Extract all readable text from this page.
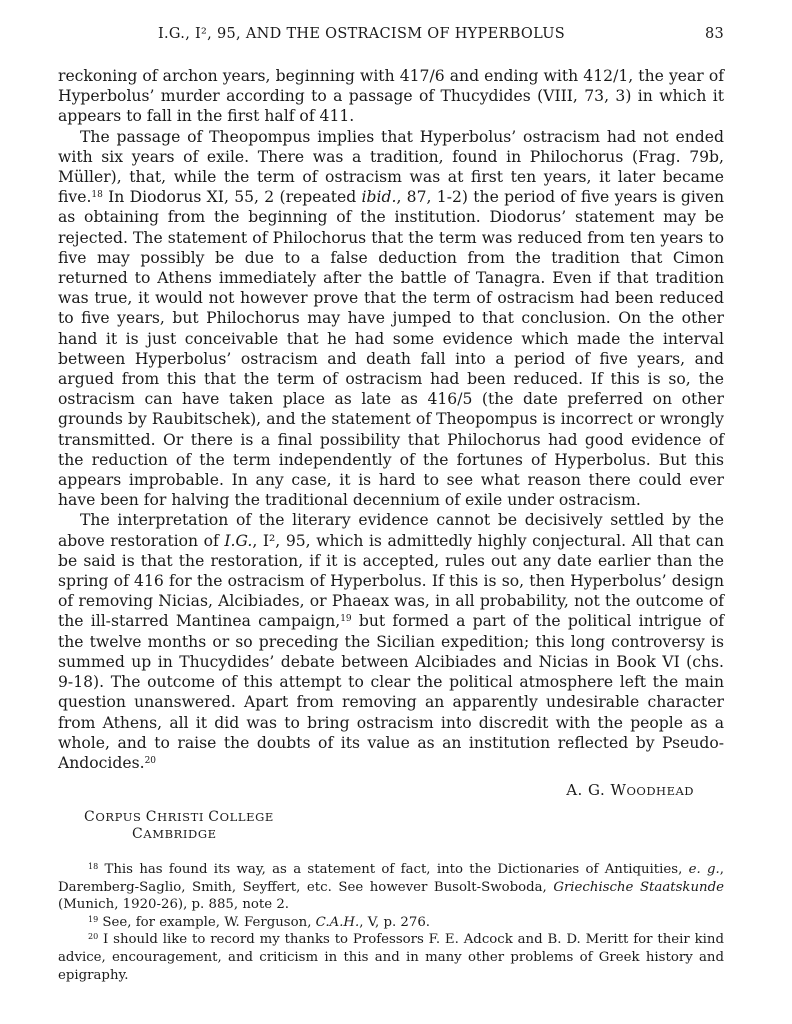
I.G., I², 95, AND THE OSTRACISM OF HYPERBOLUS	83

reckoning of archon years, beginning with 417/6 and ending with 412/1, the year of Hyperbolus’ murder according to a passage of Thucydides (VIII, 73, 3) in which it appears to fall in the first half of 411.

The passage of Theopompus implies that Hyperbolus’ ostracism had not ended with six years of exile. There was a tradition, found in Philochorus (Frag. 79b, Müller), that, while the term of ostracism was at first ten years, it later became five.$^{18}$ In Diodorus XI, 55, 2 (repeated ibid., 87, 1-2) the period of five years is given as obtaining from the beginning of the institution. Diodorus’ statement may be rejected. The statement of Philochorus that the term was reduced from ten years to five may possibly be due to a false deduction from the tradition that Cimon returned to Athens immediately after the battle of Tanagra. Even if that tradition was true, it would not however prove that the term of ostracism had been reduced to five years, but Philochorus may have jumped to that conclusion. On the other hand it is just conceivable that he had some evidence which made the interval between Hyperbolus’ ostracism and death fall into a period of five years, and argued from this that the term of ostracism had been reduced. If this is so, the ostracism can have taken place as late as 416/5 (the date preferred on other grounds by Raubitschek), and the statement of Theopompus is incorrect or wrongly transmitted. Or there is a final possibility that Philochorus had good evidence of the reduction of the term independently of the fortunes of Hyperbolus. But this appears improbable. In any case, it is hard to see what reason there could ever have been for halving the traditional decennium of exile under ostracism.

The interpretation of the literary evidence cannot be decisively settled by the above restoration of I.G., I², 95, which is admittedly highly conjectural. All that can be said is that the restoration, if it is accepted, rules out any date earlier than the spring of 416 for the ostracism of Hyperbolus. If this is so, then Hyperbolus’ design of removing Nicias, Alcibiades, or Phaeax was, in all probability, not the outcome of the ill-starred Mantinea campaign,$^{19}$ but formed a part of the political intrigue of the twelve months or so preceding the Sicilian expedition; this long controversy is summed up in Thucydides’ debate between Alcibiades and Nicias in Book VI (chs. 9-18). The outcome of this attempt to clear the political atmosphere left the main question unanswered. Apart from removing an apparently undesirable character from Athens, all it did was to bring ostracism into discredit with the people as a whole, and to raise the doubts of its value as an institution reflected by Pseudo-Andocides.$^{20}$

A. G. WOODHEAD
CORPUS CHRISTI COLLEGE
CAMBRIDGE

$^{18}$ This has found its way, as a statement of fact, into the Dictionaries of Antiquities, e. g., Daremberg-Saglio, Smith, Seyffert, etc. See however Busolt-Swoboda, Griechische Staatskunde (Munich, 1920-26), p. 885, note 2.

$^{19}$ See, for example, W. Ferguson, C.A.H., V, p. 276.

$^{20}$ I should like to record my thanks to Professors F. E. Adcock and B. D. Meritt for their kind advice, encouragement, and criticism in this and in many other problems of Greek history and epigraphy.
